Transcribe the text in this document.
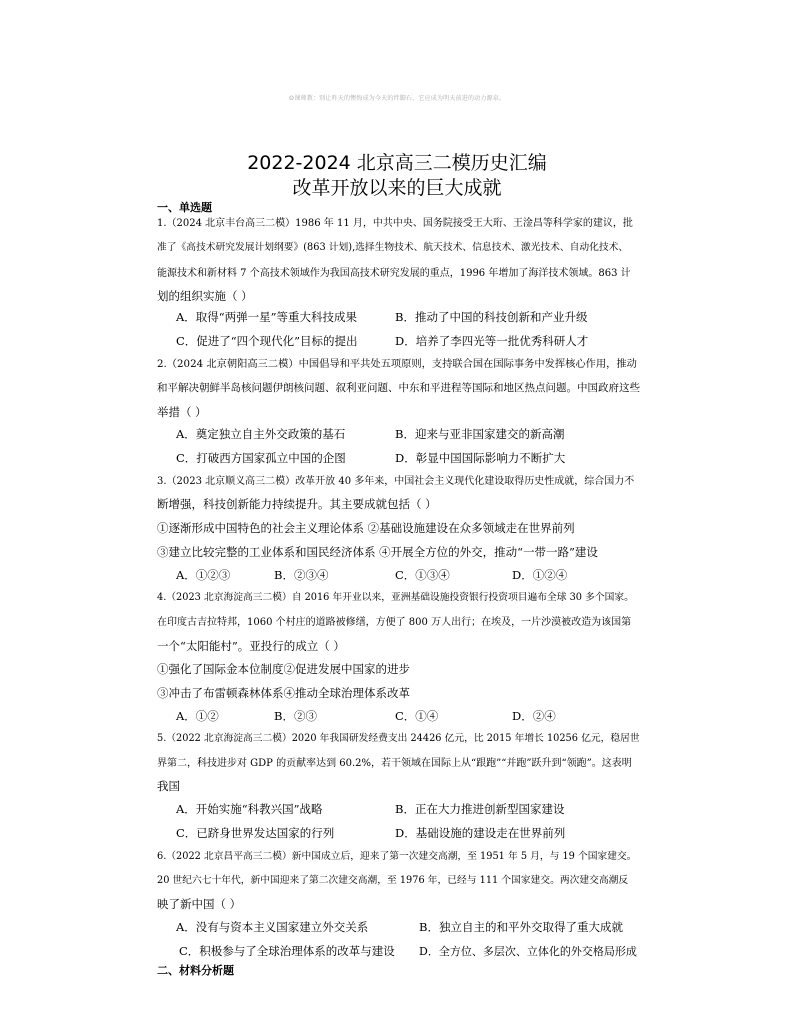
☺课师教：别让昨天的懊悔成为今天的绊脚石，它应成为明天前进的动力源泉。
2022-2024 北京高三二模历史汇编
改革开放以来的巨大成就
一、单选题
1.（2024 北京丰台高三二模）1986 年 11 月，中共中央、国务院接受王大珩、王淦昌等科学家的建议，批
准了《高技术研究发展计划纲要》(863 计划),选择生物技术、航天技术、信息技术、激光技术、自动化技术、
能源技术和新材料 7 个高技术领域作为我国高技术研究发展的重点，1996 年增加了海洋技术领域。863 计
划的组织实施（ ）
A．取得“两弹一星”等重大科技成果	B．推动了中国的科技创新和产业升级
C．促进了“四个现代化”目标的提出	D．培养了李四光等一批优秀科研人才
2.（2024 北京朝阳高三二模）中国倡导和平共处五项原则，支持联合国在国际事务中发挥核心作用，推动
和平解决朝鲜半岛核问题伊朗核问题、叙利亚问题、中东和平进程等国际和地区热点问题。中国政府这些
举措（ ）
A．奠定独立自主外交政策的基石	B．迎来与亚非国家建交的新高潮
C．打破西方国家孤立中国的企图	D．彰显中国国际影响力不断扩大
3.（2023 北京顺义高三二模）改革开放 40 多年来，中国社会主义现代化建设取得历史性成就，综合国力不
断增强，科技创新能力持续提升。其主要成就包括（ ）
①逐渐形成中国特色的社会主义理论体系 ②基础设施建设在众多领域走在世界前列
③建立比较完整的工业体系和国民经济体系 ④开展全方位的外交，推动“一带一路”建设
A．①②③	B．②③④	C．①③④	D．①②④
4.（2023 北京海淀高三二模）自 2016 年开业以来，亚洲基础设施投资银行投资项目遍布全球 30 多个国家。
在印度古吉拉特邦，1060 个村庄的道路被修缮，方便了 800 万人出行；在埃及，一片沙漠被改造为该国第
一个“太阳能村”。亚投行的成立（ ）
①强化了国际金本位制度②促进发展中国家的进步
③冲击了布雷顿森林体系④推动全球治理体系改革
A．①②	B．②③	C．①④	D．②④
5.（2022 北京海淀高三二模）2020 年我国研发经费支出 24426 亿元，比 2015 年增长 10256 亿元，稳居世
界第二，科技进步对 GDP 的贡献率达到 60.2%，若干领域在国际上从“跟跑”“并跑”跃升到“领跑”。这表明
我国
A．开始实施“科教兴国”战略	B．正在大力推进创新型国家建设
C．已跻身世界发达国家的行列	D．基础设施的建设走在世界前列
6.（2022 北京昌平高三二模）新中国成立后，迎来了第一次建交高潮，至 1951 年 5 月，与 19 个国家建交。
20 世纪六七十年代，新中国迎来了第二次建交高潮，至 1976 年，已经与 111 个国家建交。两次建交高潮反
映了新中国（ ）
A．没有与资本主义国家建立外交关系	B．独立自主的和平外交取得了重大成就
C．积极参与了全球治理体系的改革与建设 D．全方位、多层次、立体化的外交格局形成
二、材料分析题
